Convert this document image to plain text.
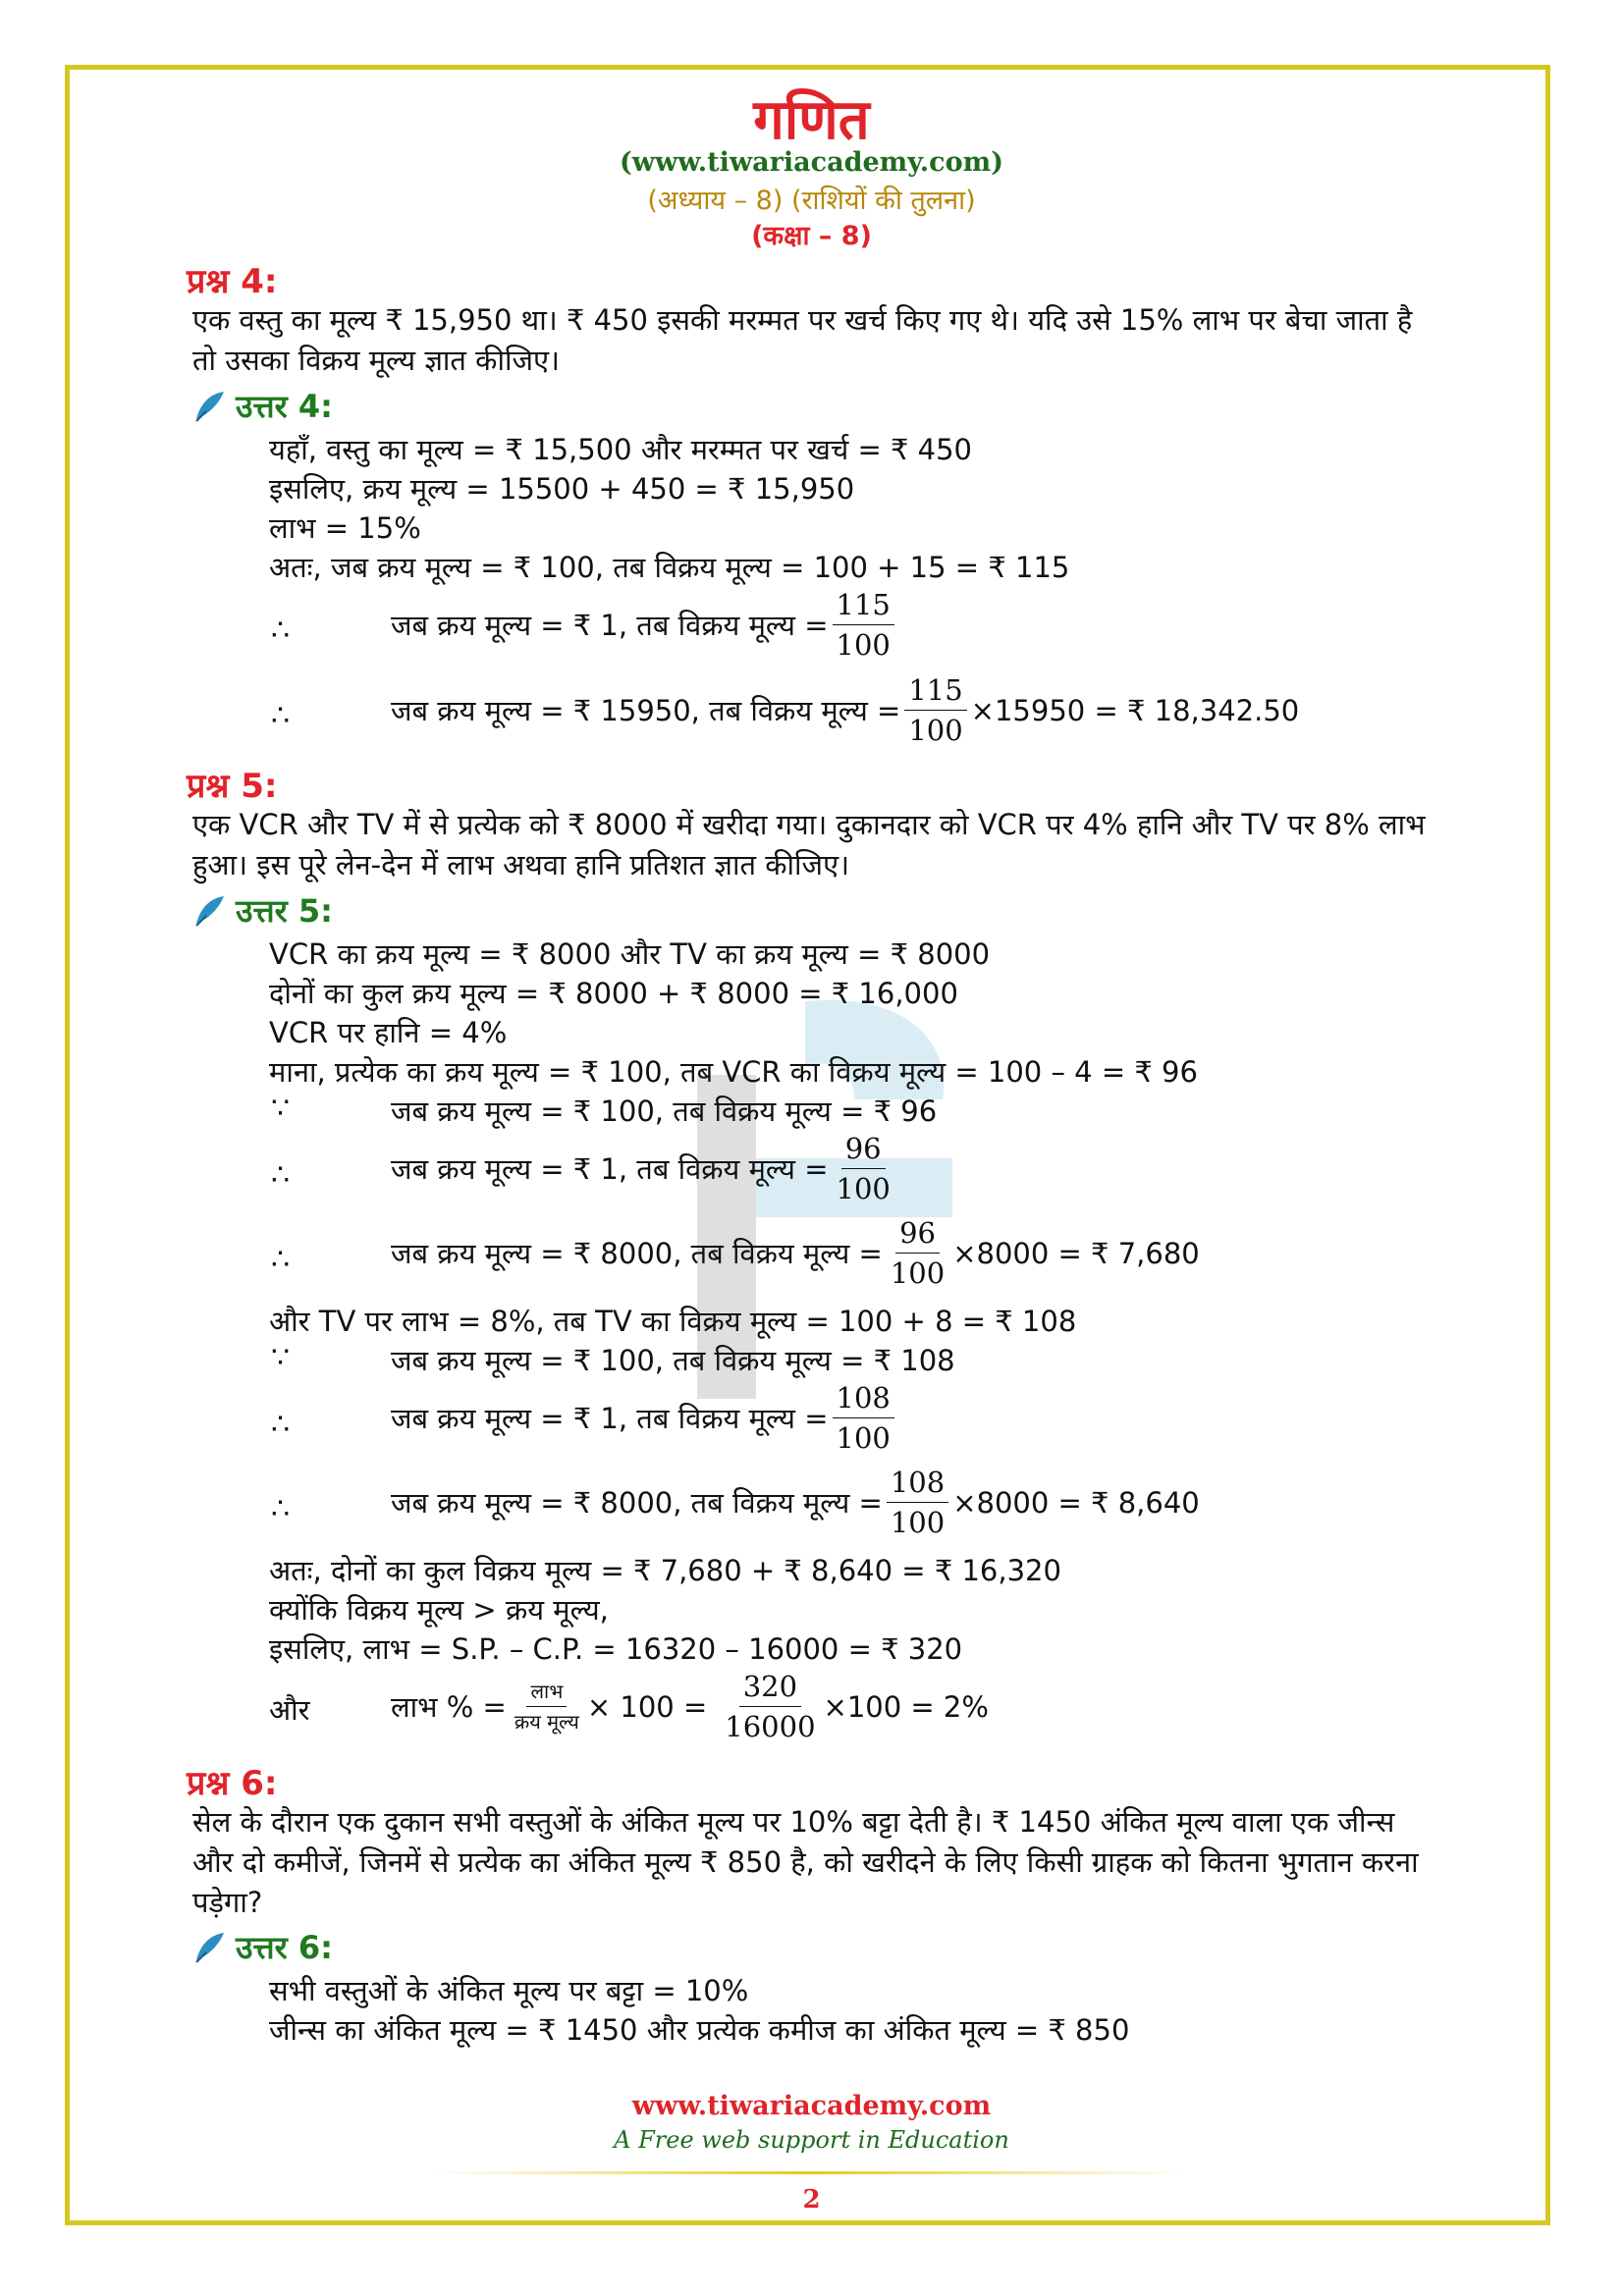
गणित
(www.tiwariacademy.com)
(अध्याय – 8) (राशियों की तुलना)
(कक्षा – 8)
प्रश्न 4:
एक वस्तु का मूल्य ₹ 15,950 था। ₹ 450 इसकी मरम्मत पर खर्च किए गए थे। यदि उसे 15% लाभ पर बेचा जाता है तो उसका विक्रय मूल्य ज्ञात कीजिए।
उत्तर 4:
यहाँ, वस्तु का मूल्य = ₹ 15,500 और मरम्मत पर खर्च = ₹ 450
इसलिए, क्रय मूल्य = 15500 + 450 = ₹ 15,950
लाभ = 15%
अतः, जब क्रय मूल्य = ₹ 100, तब विक्रय मूल्य = 100 + 15 = ₹ 115
∴	जब क्रय मूल्य = ₹ 1, तब विक्रय मूल्य = $\frac{115}{100}$
∴	जब क्रय मूल्य = ₹ 15950, तब विक्रय मूल्य = $\frac{115}{100} \times 15950$ = ₹ 18,342.50
प्रश्न 5:
एक VCR और TV में से प्रत्येक को ₹ 8000 में खरीदा गया। दुकानदार को VCR पर 4% हानि और TV पर 8% लाभ हुआ। इस पूरे लेन-देन में लाभ अथवा हानि प्रतिशत ज्ञात कीजिए।
उत्तर 5:
VCR का क्रय मूल्य = ₹ 8000 और TV का क्रय मूल्य = ₹ 8000
दोनों का कुल क्रय मूल्य = ₹ 8000 + ₹ 8000 = ₹ 16,000
VCR पर हानि = 4%
माना, प्रत्येक का क्रय मूल्य = ₹ 100, तब VCR का विक्रय मूल्य = 100 – 4 = ₹ 96
∵	जब क्रय मूल्य = ₹ 100, तब विक्रय मूल्य = ₹ 96
∴	जब क्रय मूल्य = ₹ 1, तब विक्रय मूल्य = $\frac{96}{100}$
∴	जब क्रय मूल्य = ₹ 8000, तब विक्रय मूल्य = $\frac{96}{100} \times 8000$ = ₹ 7,680
और TV पर लाभ = 8%, तब TV का विक्रय मूल्य = 100 + 8 = ₹ 108
∵	जब क्रय मूल्य = ₹ 100, तब विक्रय मूल्य = ₹ 108
∴	जब क्रय मूल्य = ₹ 1, तब विक्रय मूल्य = $\frac{108}{100}$
∴	जब क्रय मूल्य = ₹ 8000, तब विक्रय मूल्य = $\frac{108}{100} \times 8000$ = ₹ 8,640
अतः, दोनों का कुल विक्रय मूल्य = ₹ 7,680 + ₹ 8,640 = ₹ 16,320
क्योंकि विक्रय मूल्य > क्रय मूल्य,
इसलिए, लाभ = S.P. – C.P. = 16320 – 16000 = ₹ 320
और	लाभ % = $\frac{\text{लाभ}}{\text{क्रय मूल्य}} \times 100 = \frac{320}{16000} \times 100 = 2\%$
प्रश्न 6:
सेल के दौरान एक दुकान सभी वस्तुओं के अंकित मूल्य पर 10% बट्टा देती है। ₹ 1450 अंकित मूल्य वाला एक जीन्स और दो कमीजें, जिनमें से प्रत्येक का अंकित मूल्य ₹ 850 है, को खरीदने के लिए किसी ग्राहक को कितना भुगतान करना पड़ेगा?
उत्तर 6:
सभी वस्तुओं के अंकित मूल्य पर बट्टा = 10%
जीन्स का अंकित मूल्य = ₹ 1450 और प्रत्येक कमीज का अंकित मूल्य = ₹ 850
www.tiwariacademy.com
A Free web support in Education
2
